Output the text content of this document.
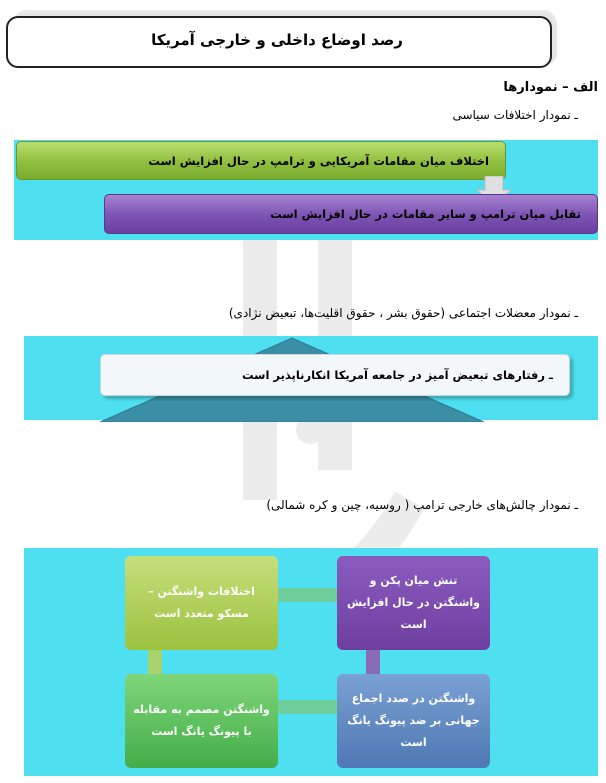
رصد اوضاع داخلی و خارجی آمریکا
الف – نمودارها
ـ نمودار اختلافات سیاسی
اختلاف میان مقامات آمریکایی و ترامپ در حال افزایش است
تقابل میان ترامپ و سایر مقامات در حال افزایش است
ـ نمودار معضلات اجتماعی (حقوق بشر ، حقوق اقلیت‌ها، تبعیض نژادی)
ـ رفتارهای تبعیض آمیز در جامعه آمریکا انکارناپذیر است
ـ نمودار چالش‌های خارجی ترامپ ( روسیه، چین و کره شمالی)
تنش میان پکن و واشنگتن در حال افزایش است
اختلافات واشنگتن – مسکو متعدد است
واشنگتن در صدد اجماع جهانی بر ضد پیونگ یانگ است
واشنگتن مصمم به مقابله با پیونگ یانگ است
